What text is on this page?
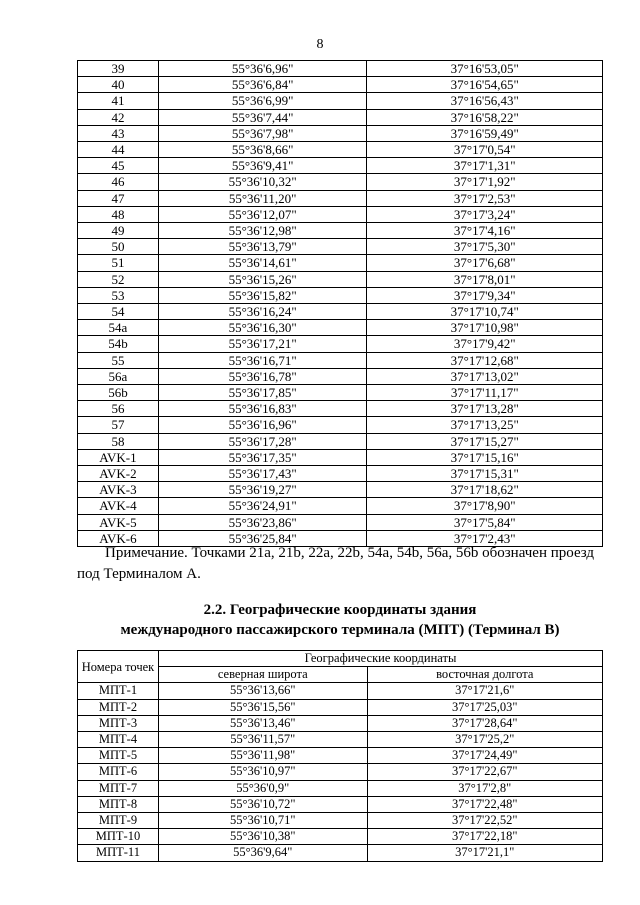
8
39	55°36'6,96"	37°16'53,05"
40	55°36'6,84"	37°16'54,65"
41	55°36'6,99"	37°16'56,43"
42	55°36'7,44"	37°16'58,22"
43	55°36'7,98"	37°16'59,49"
44	55°36'8,66"	37°17'0,54"
45	55°36'9,41"	37°17'1,31"
46	55°36'10,32"	37°17'1,92"
47	55°36'11,20"	37°17'2,53"
48	55°36'12,07"	37°17'3,24"
49	55°36'12,98"	37°17'4,16"
50	55°36'13,79"	37°17'5,30"
51	55°36'14,61"	37°17'6,68"
52	55°36'15,26"	37°17'8,01"
53	55°36'15,82"	37°17'9,34"
54	55°36'16,24"	37°17'10,74"
54a	55°36'16,30"	37°17'10,98"
54b	55°36'17,21"	37°17'9,42"
55	55°36'16,71"	37°17'12,68"
56a	55°36'16,78"	37°17'13,02"
56b	55°36'17,85"	37°17'11,17"
56	55°36'16,83"	37°17'13,28"
57	55°36'16,96"	37°17'13,25"
58	55°36'17,28"	37°17'15,27"
AVK-1	55°36'17,35"	37°17'15,16"
AVK-2	55°36'17,43"	37°17'15,31"
AVK-3	55°36'19,27"	37°17'18,62"
AVK-4	55°36'24,91"	37°17'8,90"
AVK-5	55°36'23,86"	37°17'5,84"
AVK-6	55°36'25,84"	37°17'2,43"
Примечание. Точками 21a, 21b, 22a, 22b, 54a, 54b, 56a, 56b обозначен проезд
под Терминалом А.
2.2. Географические координаты здания
международного пассажирского терминала (МПТ) (Терминал В)
Номера точек	Географические координаты	
	северная широта	восточная долгота
МПТ-1	55°36'13,66"	37°17'21,6"
МПТ-2	55°36'15,56"	37°17'25,03"
МПТ-3	55°36'13,46"	37°17'28,64"
МПТ-4	55°36'11,57"	37°17'25,2"
МПТ-5	55°36'11,98"	37°17'24,49"
МПТ-6	55°36'10,97"	37°17'22,67"
МПТ-7	55°36'0,9"	37°17'2,8"
МПТ-8	55°36'10,72"	37°17'22,48"
МПТ-9	55°36'10,71"	37°17'22,52"
МПТ-10	55°36'10,38"	37°17'22,18"
МПТ-11	55°36'9,64"	37°17'21,1"
